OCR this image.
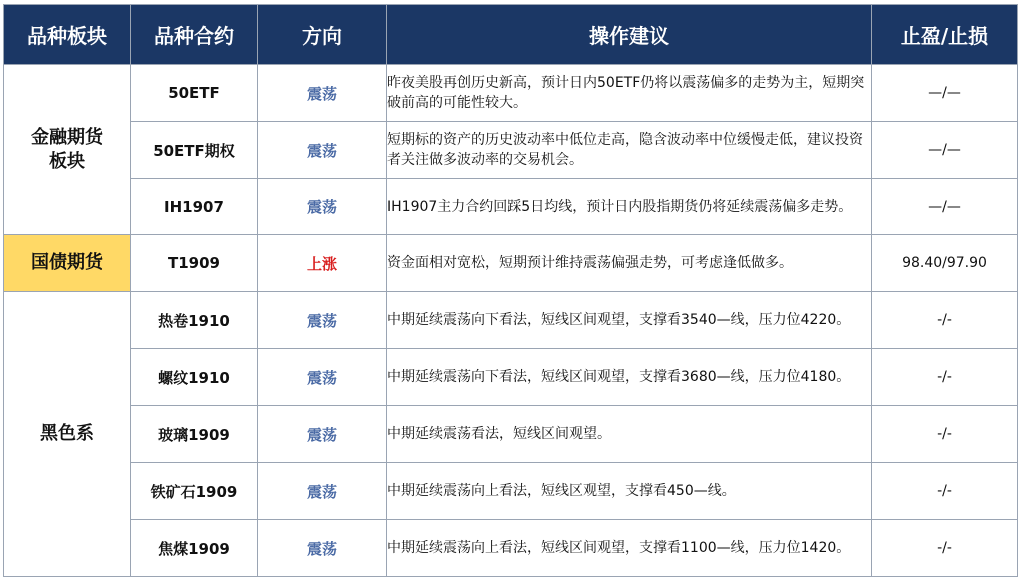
品种板块	品种合约	方向	操作建议	止盈/止损
金融期货板块	50ETF	震荡	昨夜美股再创历史新高，预计日内50ETF仍将以震荡偏多的走势为主，短期突破前高的可能性较大。	—/—
	50ETF期权	震荡	短期标的资产的历史波动率中低位走高，隐含波动率中位缓慢走低，建议投资者关注做多波动率的交易机会。	—/—
	IH1907	震荡	IH1907主力合约回踩5日均线，预计日内股指期货仍将延续震荡偏多走势。	—/—
国债期货	T1909	上涨	资金面相对宽松，短期预计维持震荡偏强走势，可考虑逢低做多。	98.40/97.90
黑色系	热卷1910	震荡	中期延续震荡向下看法，短线区间观望，支撑看3540—线，压力位4220。	-/-
	螺纹1910	震荡	中期延续震荡向下看法，短线区间观望，支撑看3680—线，压力位4180。	-/-
	玻璃1909	震荡	中期延续震荡看法，短线区间观望。	-/-
	铁矿石1909	震荡	中期延续震荡向上看法，短线区观望，支撑看450—线。	-/-
	焦煤1909	震荡	中期延续震荡向上看法，短线区间观望，支撑看1100—线，压力位1420。	-/-
